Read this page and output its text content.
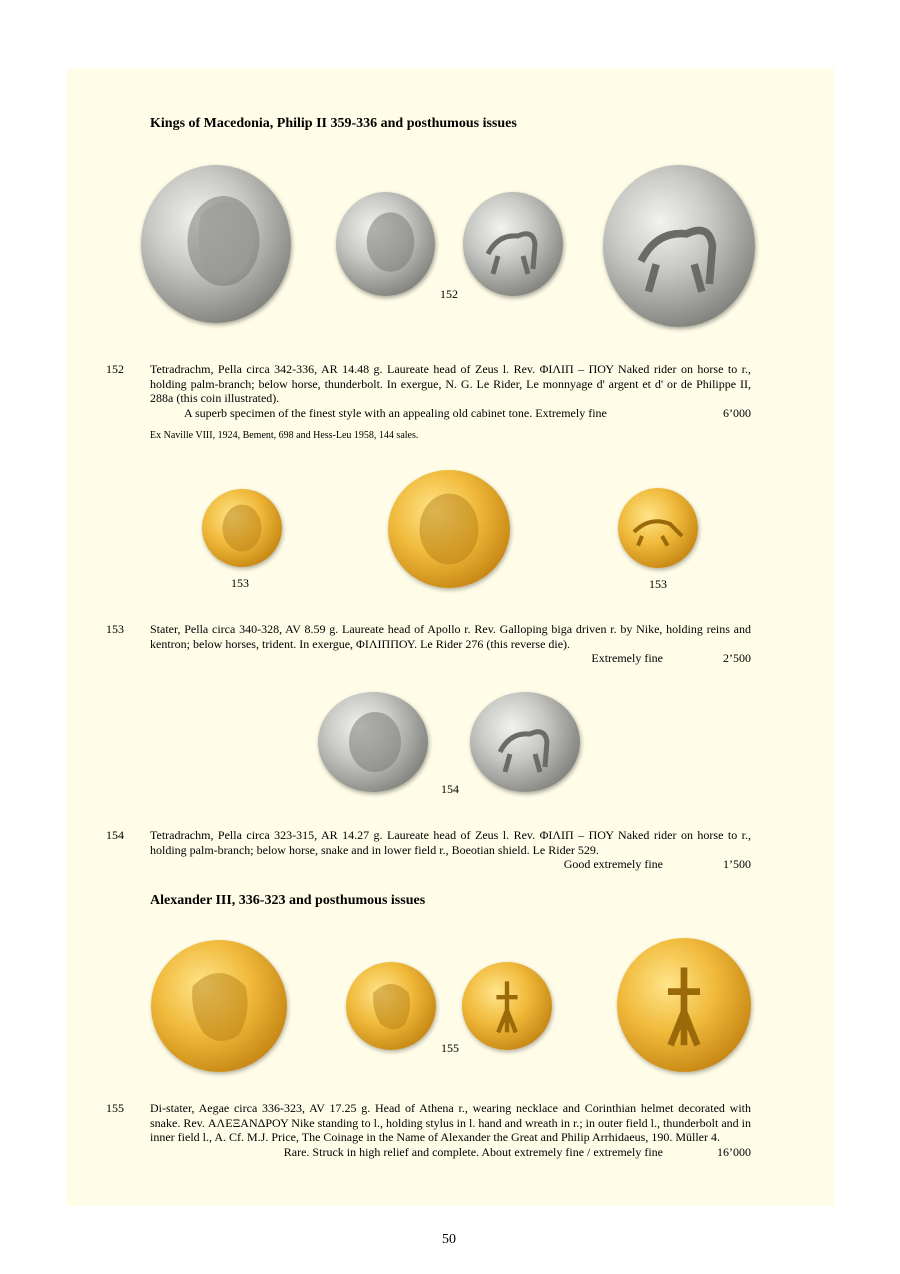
Kings of Macedonia, Philip II 359-336 and posthumous issues
152
152 Tetradrachm, Pella circa 342-336, AR 14.48 g. Laureate head of Zeus l. Rev. ΦΙΛΙΠ – ΠΟΥ Naked rider on horse to r., holding palm-branch; below horse, thunderbolt. In exergue, N. G. Le Rider, Le monnyage d' argent et d' or de Philippe II, 288a (this coin illustrated).

A superb specimen of the finest style with an appealing old cabinet tone. Extremely fine	6’000
Ex Naville VIII, 1924, Bement, 698 and Hess-Leu 1958, 144 sales.
153	153
153 Stater, Pella circa 340-328, AV 8.59 g. Laureate head of Apollo r. Rev. Galloping biga driven r. by Nike, holding reins and kentron; below horses, trident. In exergue, ΦΙΛΙΠΠΟΥ. Le Rider 276 (this reverse die).

Extremely fine	2’500
154
154 Tetradrachm, Pella circa 323-315, AR 14.27 g. Laureate head of Zeus l. Rev. ΦΙΛΙΠ – ΠΟΥ Naked rider on horse to r., holding palm-branch; below horse, snake and in lower field r., Boeotian shield. Le Rider 529.

Good extremely fine	1’500
Alexander III, 336-323 and posthumous issues
155
155 Di-stater, Aegae circa 336-323, AV 17.25 g. Head of Athena r., wearing necklace and Corinthian helmet decorated with snake. Rev. ΑΛΕΞΑΝΔΡΟΥ Nike standing to l., holding stylus in l. hand and wreath in r.; in outer field l., thunderbolt and in inner field l., A. Cf. M.J. Price, The Coinage in the Name of Alexander the Great and Philip Arrhidaeus, 190. Müller 4.

Rare. Struck in high relief and complete. About extremely fine / extremely fine	16’000
50
